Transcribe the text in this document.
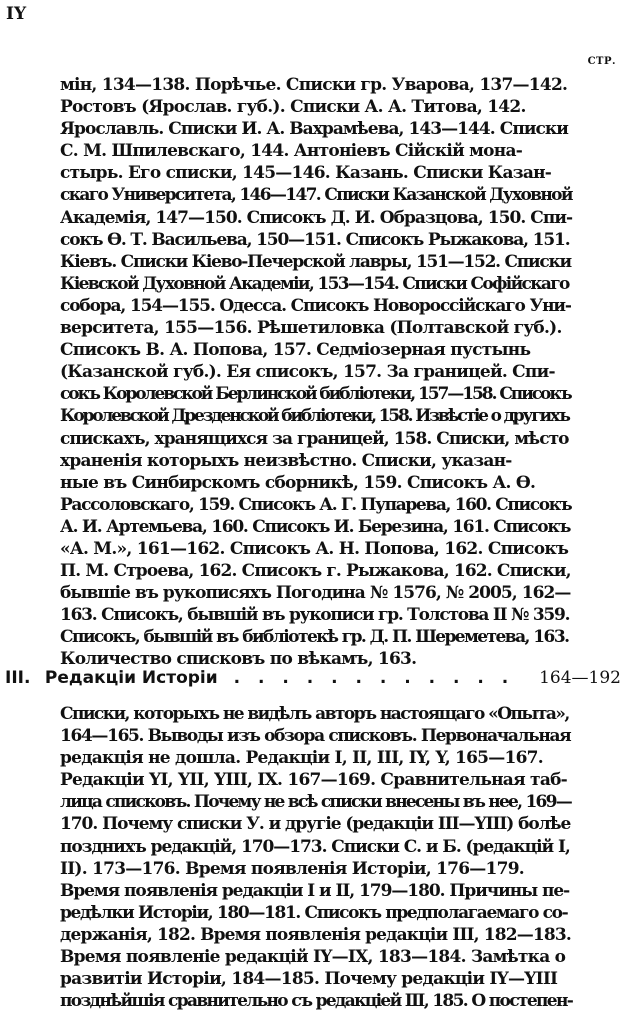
IY
СТР.
мін, 134—138. Порѣчье. Списки гр. Уварова, 137—142.
Ростовъ (Ярослав. губ.). Списки А. А. Титова, 142.
Ярославль. Списки И. А. Вахрамѣева, 143—144. Списки
С. М. Шпилевскаго, 144. Антоніевъ Сійскій мона-
стырь. Его списки, 145—146. Казань. Списки Казан-
скаго Университета, 146—147. Списки Казанской Духовной
Академія, 147—150. Списокъ Д. И. Образцова, 150. Спи-
сокъ Ѳ. Т. Васильева, 150—151. Списокъ Рыжакова, 151.
Кіевъ. Списки Кіево-Печерской лавры, 151—152. Списки
Кіевской Духовной Академіи, 153—154. Списки Софійскаго
собора, 154—155. Одесса. Списокъ Новороссійскаго Уни-
верситета, 155—156. Рѣшетиловка (Полтавской губ.).
Списокъ В. А. Попова, 157. Седміозерная пустынь
(Казанской губ.). Ея списокъ, 157. За границей. Спи-
сокъ Королевской Берлинской библіотеки, 157—158. Списокъ
Королевской Дрезденской библіотеки, 158. Извѣстіе о другихъ
спискахъ, хранящихся за границей, 158. Списки, мѣсто
храненія которыхъ неизвѣстно. Списки, указан-
ные въ Синбирскомъ сборникѣ, 159. Списокъ А. Ѳ.
Рассоловскаго, 159. Списокъ А. Г. Пупарева, 160. Списокъ
А. И. Артемьева, 160. Списокъ И. Березина, 161. Списокъ
«А. М.», 161—162. Списокъ А. Н. Попова, 162. Списокъ
П. М. Строева, 162. Списокъ г. Рыжакова, 162. Списки,
бывшіе въ рукописяхъ Погодина № 1576, № 2005, 162—
163. Списокъ, бывшій въ рукописи гр. Толстова II № 359.
Списокъ, бывшій въ библіотекѣ гр. Д. П. Шереметева, 163.
Количество списковъ по вѣкамъ, 163.
III. Редакціи Исторіи . . . . . . . . . . . . 164—192
Списки, которыхъ не видѣлъ авторъ настоящаго «Опыта»,
164—165. Выводы изъ обзора списковъ. Первоначальная
редакція не дошла. Редакціи I, II, III, IY, Y, 165—167.
Редакціи YI, YII, YIII, IX. 167—169. Сравнительная таб-
лица списковъ. Почему не всѣ списки внесены въ нее, 169—
170. Почему списки У. и другіе (редакціи III—YIII) болѣе
позднихъ редакцій, 170—173. Списки С. и Б. (редакцій I,
II). 173—176. Время появленія Исторіи, 176—179.
Время появленія редакціи I и II, 179—180. Причины пе-
редѣлки Исторіи, 180—181. Списокъ предполагаемаго со-
держанія, 182. Время появленія редакціи III, 182—183.
Время появленіе редакцій IY—IX, 183—184. Замѣтка о
развитіи Исторіи, 184—185. Почему редакціи IY—YIII
позднѣйшія сравнительно съ редакціей III, 185. О постепен-
